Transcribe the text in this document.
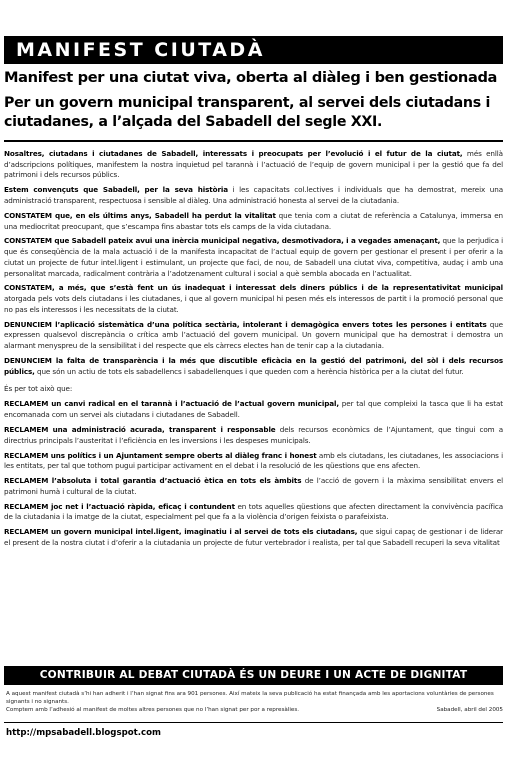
MANIFEST CIUTADÀ
Manifest per una ciutat viva, oberta al diàleg i ben gestionada
Per un govern municipal transparent, al servei dels ciutadans i ciutadanes, a l’alçada del Sabadell del segle XXI.

Nosaltres, ciutadans i ciutadanes de Sabadell, interessats i preocupats per l’evolució i el futur de la ciutat, més enllà d’adscripcions polítiques, manifestem la nostra inquietud pel tarannà i l’actuació de l’equip de govern municipal i per la gestió que fa del patrimoni i dels recursos públics.

Estem convençuts que Sabadell, per la seva història i les capacitats col.lectives i individuals que ha demostrat, mereix una administració transparent, respectuosa i sensible al diàleg. Una administració honesta al servei de la ciutadania.

CONSTATEM que, en els últims anys, Sabadell ha perdut la vitalitat que tenia com a ciutat de referència a Catalunya, immersa en una mediocritat preocupant, que s’escampa fins abastar tots els camps de la vida ciutadana.

CONSTATEM que Sabadell pateix avui una inèrcia municipal negativa, desmotivadora, i a vegades amenaçant, que la perjudica i que és conseqüència de la mala actuació i de la manifesta incapacitat de l’actual equip de govern per gestionar el present i per oferir a la ciutat un projecte de futur intel.ligent i estimulant, un projecte que faci, de nou, de Sabadell una ciutat viva, competitiva, audaç i amb una personalitat marcada, radicalment contrària a l’adotzenament cultural i social a què sembla abocada en l’actualitat.

CONSTATEM, a més, que s’està fent un ús inadequat i interessat dels diners públics i de la representativitat municipal atorgada pels vots dels ciutadans i les ciutadanes, i que al govern municipal hi pesen més els interessos de partit i la promoció personal que no pas els interessos i les necessitats de la ciutat.

DENUNCIEM l’aplicació sistemàtica d’una política sectària, intolerant i demagògica envers totes les persones i entitats que expressen qualsevol discrepància o crítica amb l’actuació del govern municipal. Un govern municipal que ha demostrat i demostra un alarmant menyspreu de la sensibilitat i del respecte que els càrrecs electes han de tenir cap a la ciutadania.

DENUNCIEM la falta de transparència i la més que discutible eficàcia en la gestió del patrimoni, del sòl i dels recursos públics, que són un actiu de tots els sabadellencs i sabadellenques i que queden com a herència històrica per a la ciutat del futur.

És per tot això que:

RECLAMEM un canvi radical en el tarannà i l’actuació de l’actual govern municipal, per tal que compleixi la tasca que li ha estat encomanada com un servei als ciutadans i ciutadanes de Sabadell.

RECLAMEM una administració acurada, transparent i responsable dels recursos econòmics de l’Ajuntament, que tingui com a directrius principals l’austeritat i l’eficiència en les inversions i les despeses municipals.

RECLAMEM uns polítics i un Ajuntament sempre oberts al diàleg franc i honest amb els ciutadans, les ciutadanes, les associacions i les entitats, per tal que tothom pugui participar activament en el debat i la resolució de les qüestions que ens afecten.

RECLAMEM l’absoluta i total garantia d’actuació ètica en tots els àmbits de l’acció de govern i la màxima sensibilitat envers el patrimoni humà i cultural de la ciutat.

RECLAMEM joc net i l’actuació ràpida, eficaç i contundent en tots aquelles qüestions que afecten directament la convivència pacífica de la ciutadania i la imatge de la ciutat, especialment pel que fa a la violència d’origen feixista o parafeixista.

RECLAMEM un govern municipal intel.ligent, imaginatiu i al servei de tots els ciutadans, que sigui capaç de gestionar i de liderar el present de la nostra ciutat i d’oferir a la ciutadania un projecte de futur vertebrador i realista, per tal que Sabadell recuperi la seva vitalitat

CONTRIBUIR AL DEBAT CIUTADÀ ÉS UN DEURE I UN ACTE DE DIGNITAT
A aquest manifest ciutadà s’hi han adherit i l’han signat fins ara 901 persones. Així mateix la seva publicació ha estat finançada amb les aportacions voluntàries de persones signants i no signants.
Comptem amb l’adhesió al manifest de moltes altres persones que no l’han signat per por a represàlies.	Sabadell, abril del 2005
http://mpsabadell.blogspot.com
